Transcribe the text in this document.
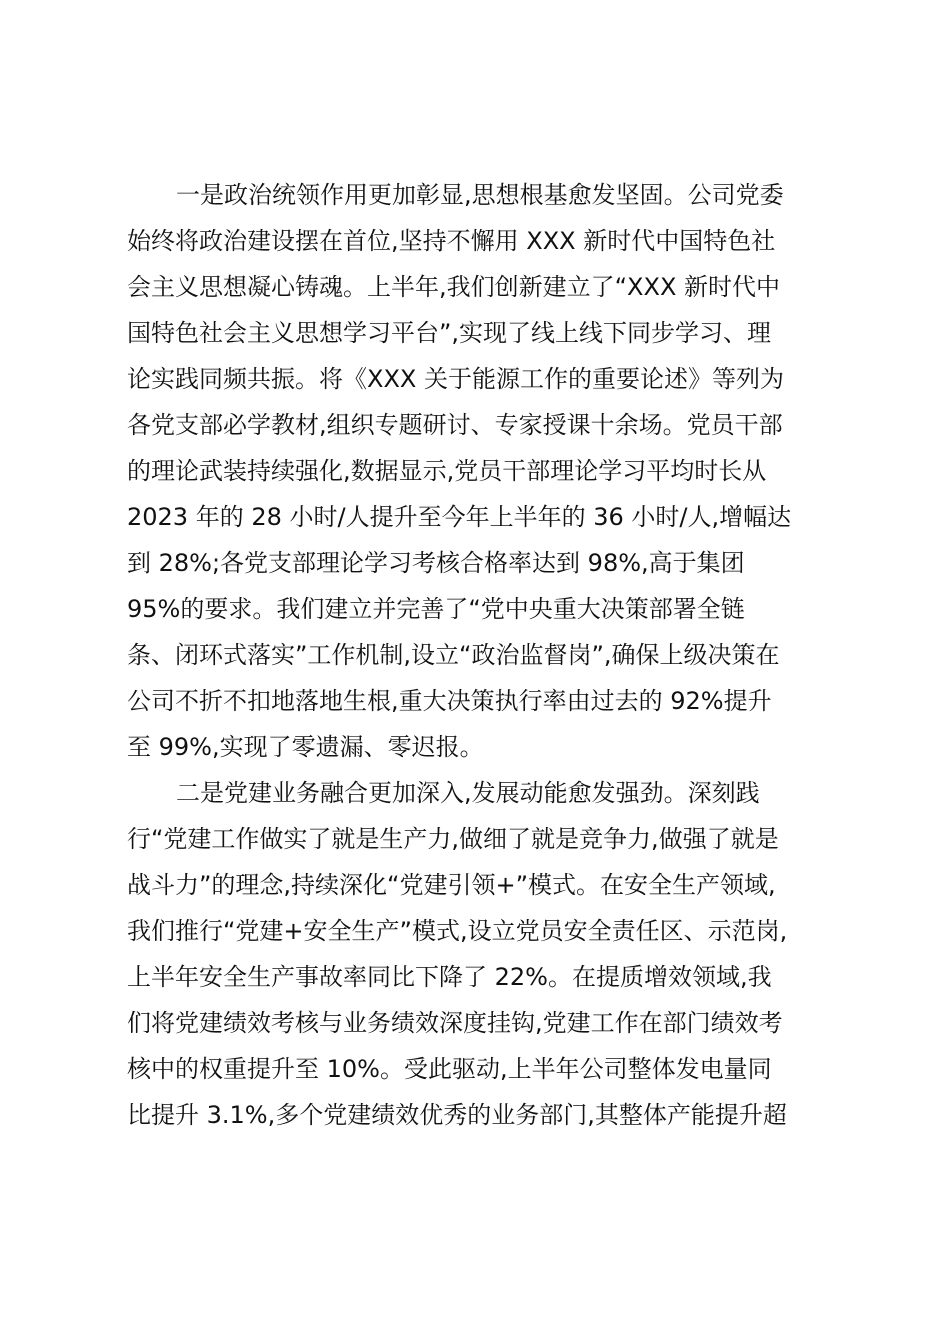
一是政治统领作用更加彰显,思想根基愈发坚固。公司党委
始终将政治建设摆在首位,坚持不懈用 XXX 新时代中国特色社
会主义思想凝心铸魂。上半年,我们创新建立了“XXX 新时代中
国特色社会主义思想学习平台”,实现了线上线下同步学习、理
论实践同频共振。将《XXX 关于能源工作的重要论述》等列为
各党支部必学教材,组织专题研讨、专家授课十余场。党员干部
的理论武装持续强化,数据显示,党员干部理论学习平均时长从
2023 年的 28 小时/人提升至今年上半年的 36 小时/人,增幅达
到 28%;各党支部理论学习考核合格率达到 98%,高于集团
95%的要求。我们建立并完善了“党中央重大决策部署全链
条、闭环式落实”工作机制,设立“政治监督岗”,确保上级决策在
公司不折不扣地落地生根,重大决策执行率由过去的 92%提升
至 99%,实现了零遗漏、零迟报。
二是党建业务融合更加深入,发展动能愈发强劲。深刻践
行“党建工作做实了就是生产力,做细了就是竞争力,做强了就是
战斗力”的理念,持续深化“党建引领+”模式。在安全生产领域,
我们推行“党建+安全生产”模式,设立党员安全责任区、示范岗,
上半年安全生产事故率同比下降了 22%。在提质增效领域,我
们将党建绩效考核与业务绩效深度挂钩,党建工作在部门绩效考
核中的权重提升至 10%。受此驱动,上半年公司整体发电量同
比提升 3.1%,多个党建绩效优秀的业务部门,其整体产能提升超
